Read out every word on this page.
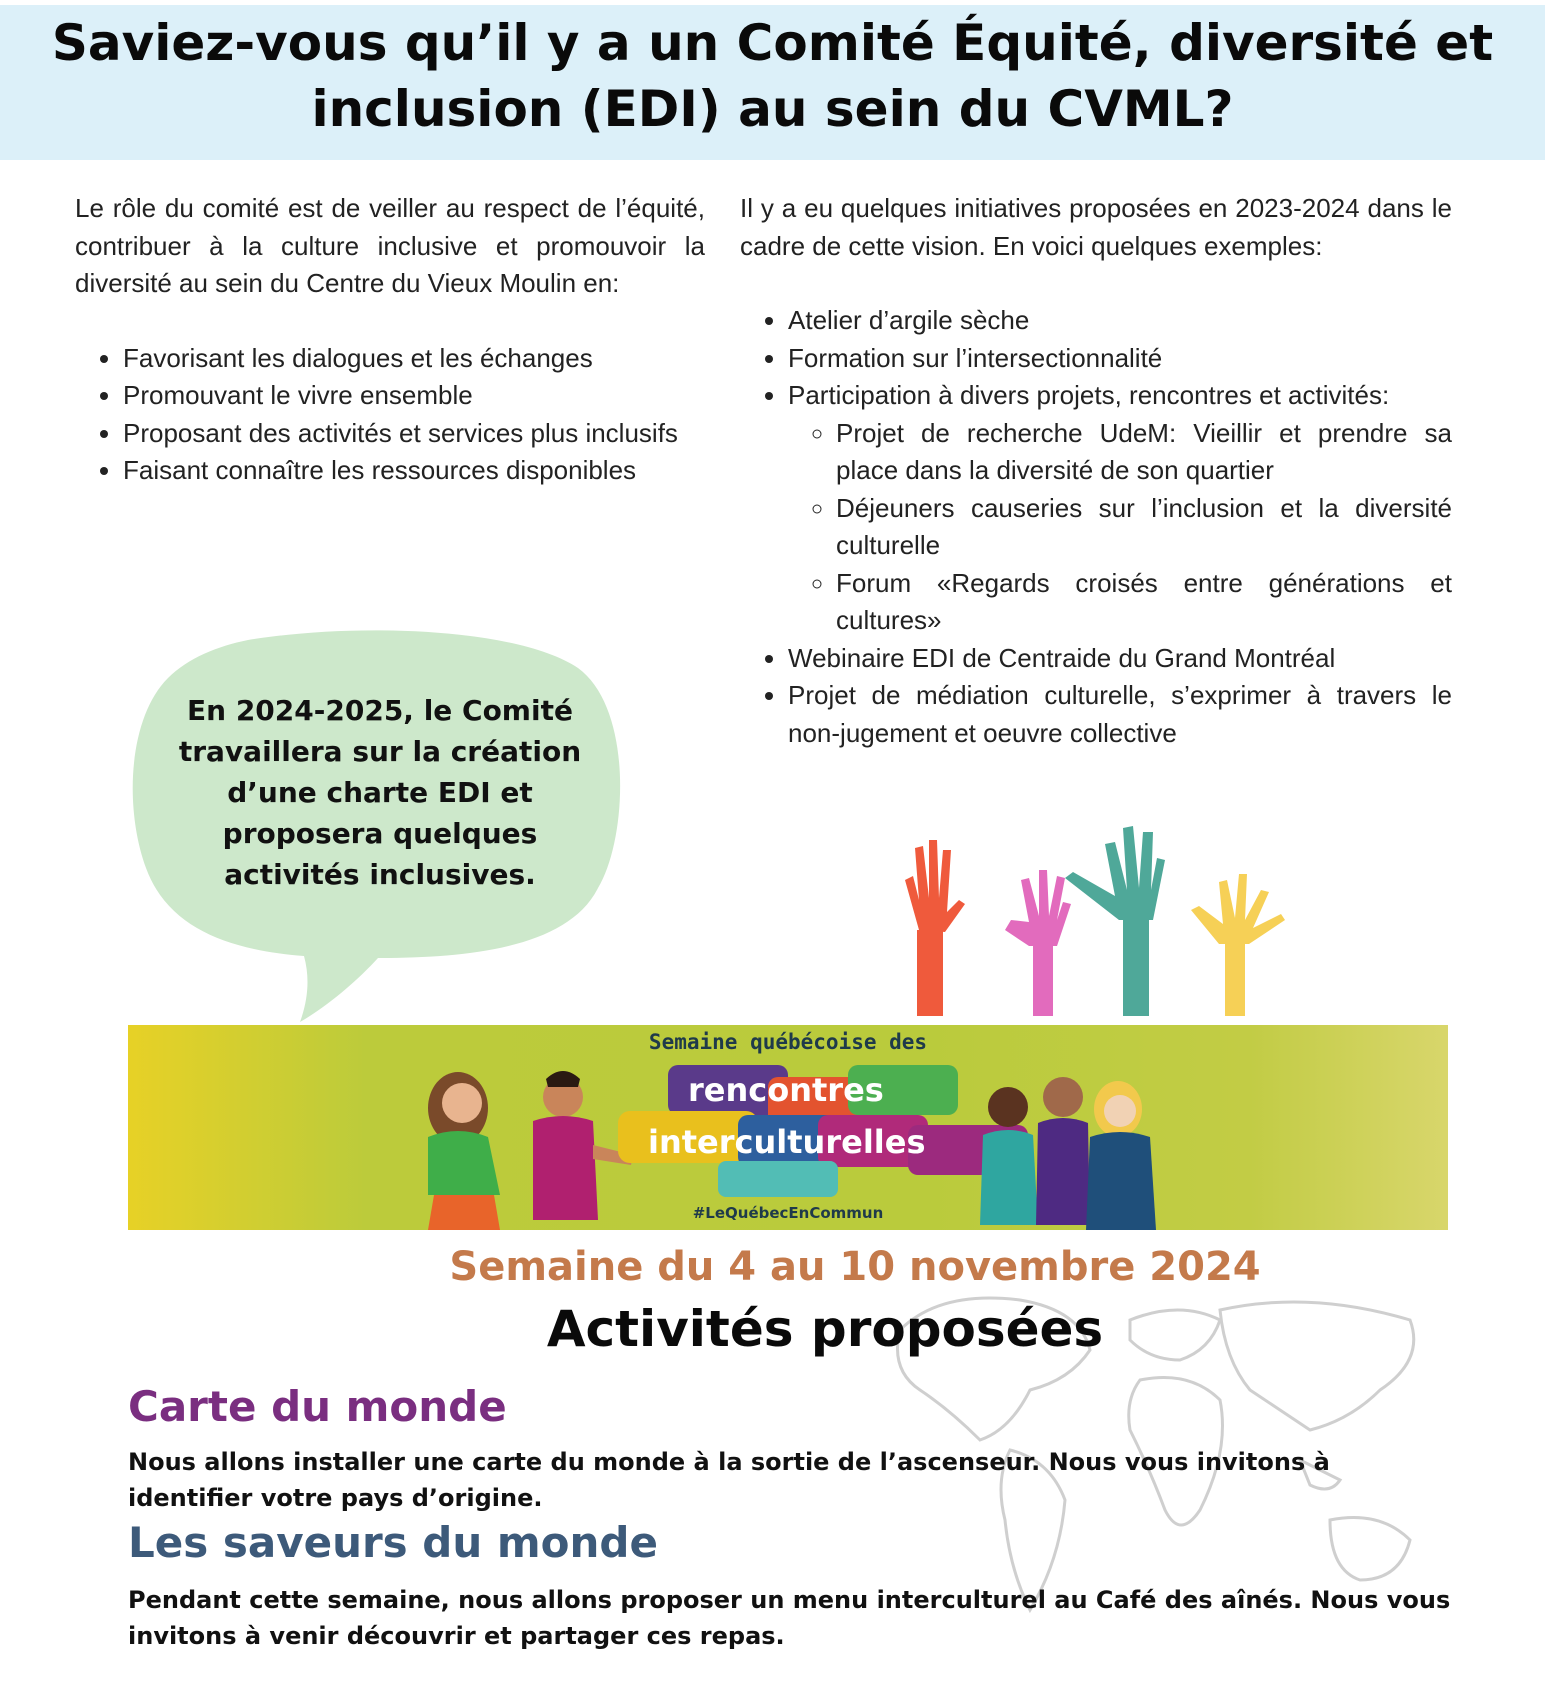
Saviez-vous qu’il y a un Comité Équité, diversité et inclusion (EDI) au sein du CVML?

Le rôle du comité est de veiller au respect de l’équité, contribuer à la culture inclusive et promouvoir la diversité au sein du Centre du Vieux Moulin en:

• Favorisant les dialogues et les échanges
• Promouvant le vivre ensemble
• Proposant des activités et services plus inclusifs
• Faisant connaître les ressources disponibles

Il y a eu quelques initiatives proposées en 2023-2024 dans le cadre de cette vision. En voici quelques exemples:

• Atelier d’argile sèche
• Formation sur l’intersectionnalité
• Participation à divers projets, rencontres et activités:
◦ Projet de recherche UdeM: Vieillir et prendre sa place dans la diversité de son quartier
◦ Déjeuners causeries sur l’inclusion et la diversité culturelle
◦ Forum «Regards croisés entre générations et cultures»
• Webinaire EDI de Centraide du Grand Montréal
• Projet de médiation culturelle, s’exprimer à travers le non-jugement et oeuvre collective

En 2024-2025, le Comité travaillera sur la création d’une charte EDI et proposera quelques activités inclusives.

Semaine québécoise des
rencontres
interculturelles
#LeQuébecEnCommun

Semaine du 4 au 10 novembre 2024

Activités proposées

Carte du monde

Nous allons installer une carte du monde à la sortie de l’ascenseur. Nous vous invitons à identifier votre pays d’origine.

Les saveurs du monde

Pendant cette semaine, nous allons proposer un menu interculturel au Café des aînés. Nous vous invitons à venir découvrir et partager ces repas.
